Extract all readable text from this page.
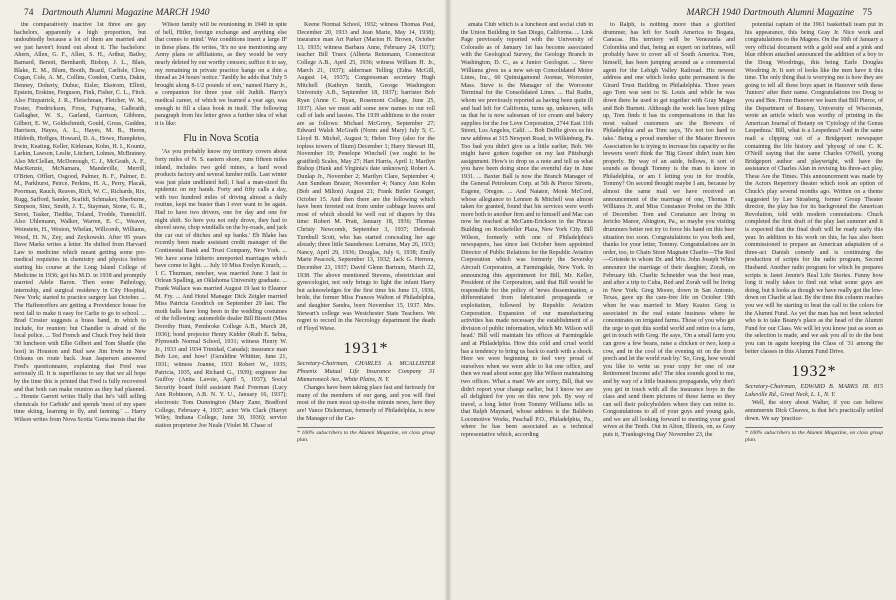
74 Dartmouth Alumni Magazine MARCH 1940

the comparatively inactive 1st three are gay bachelors, apparently a high proportion, but undoubtedly because a lot of them are married and we just haven't found out about it. The bachelors: Ahern, Allen, G. F., Allen, S. H., Arthur, Bailey, Barnard, Benoit, Bernhardt, Bishop, J. L., Blais, Blake, E. M., Blum, Booth, Brazil, Carlisle, Clow, Cogan, Cole, A. M., Collins, Condon, Curtis, Dakin, Denney, Doherty, Dubuc, Eisler, Ekstrom, Elliott, Epstein, Erskine, Ferguson, Fink, Fisher, C. L., Fitch. Also Fitzpatrick, J. R., Fleischman, Fletcher, W. M., Foster, Fredrickson, Frost, Fujiyama, Galbraith, Gallagher, W. S., Garland, Garrison, Gibbons, Gilbert, E. W., Goldschmidt, Gould, Gross, Gudden, Harrison, Hayes, A. L., Hayes, M. B., Heron, Hildreth, Hoffges, Howard, D. A., Howe, Humphries, Irwin, Keating, Keller, Kirkman, Kohn, H. I., Kountz, Larkin, Lawson, Leslie, Litchert, Lohnes, McBratney. Also McClellan, McDonough, C. J., McGrath, A. F., MacKenzie, McNamara, Mandeville, Merrill, O'Brien, Offlert, Osgood, Palmer, B. F., Palmer, E. M., Parkhurst, Peirce, Perkins, H. A., Perry, Placak, Poorman, Rauch, Reaves, Rich, W. C., Richards, Rix, Rugg, Safford, Sander, Scafidi, Schmaker, Sherburne, Simpson, Sinz, Smith, J. T., Stayman, Stone, G. R., Street, Tasker, Tiedtke, Toland, Trodde, Tunnicliff. Also Uhlemann, Walker, Warren, E. C., Weaver, Weinstein, H., Weston, Whelan, Willcomb, Williams, Wood, H. N., Zey, and Zeykowski. After 95 years Dave Marks writes a letter. He shifted from Harvard Law to medicine which meant getting some pre-medical requisites in chemistry and physics before starting his course at the Long Island College of Medicine in 1936; got his M.D. in 1938 and promptly married Adele Baron. Then some Pathology, internship, and surgical residency in City Hospital, New York; started to practice surgery last October. ... The Haffenreffers are getting a Providence house for next fall to make it easy for Carlie to go to school. ... Brad Crosier suggests a brass band, in which to include, for reunion: but Chandler is afraid of the local police. ... Ted French and Chuck Frey held their '30 luncheon with Ellie Gilbert and Tom Shattle (the host) in Houston and Bud saw Jim Irwin in New Orleans on route back. Jean Jaspersen answered Fred's questionnaire, explaining that Fred was seriously ill. It is superfluous to say that we all hope by the time this is printed that Fred is fully recovered and that both can make reunion as they had planned. ... Hennie Garrett writes Hally that he's 'still selling chemicals for Carbide' and spends 'most of my spare time skiing, learning to fly, and farming.' ... Harry Wilson writes from Nova Scotia 'Greta insists that the

Wilson family will be reunioning in 1940 in spite of hell, Hitler, foreign exchange and anything else that comes to mind.' War conditions insert a large IF in these plans. He writes, 'It's no use mentioning any Army plans or affiliations, as they would be very nearly deleted by our worthy censors; suffice it to say, my remaining in private practice hangs on a thin a thread as 24 hours' notice.' Tardily he adds that 'July 5 brought along 8-1/2 pounds of son,' named Harry Jr., a companion for three year old Judith. Harry's medical career, of which we learned a year ago, was enough to fill a class book in itself. The following paragraph from his letter gives a further idea of what it is like:

Flu in Nova Scotia

'As you probably know my territory covers about forty miles of N. S. eastern shore, runs fifteen miles inland, includes two gold mines, a hard wood products factory and several lumber mills. Last winter was just plain undiluted hell; I had a man-sized flu epidemic on my hands. Forty and fifty calls a day, with two hundred miles of driving almost a daily routine, kept me busier than I ever want to be again. Had to have two drivers, one for day and one for night shift. So here you not only drove, they had to shovel snow, chop windfalls on the by-roads, and jack the car out of ditches and up banks.' Eb Blake has recently been made assistant credit manager of the Continental Bank and Trust Company, New York. ... We have some hitherto unreported marriages which have come to light. ... July 10 Miss Evelyn Korach, ... 1 C. Thurman, rancher, was married June 3 last to Orlean Spalling, an Oklahoma University graduate. ... Frank Wallace was married August 19 last to Eleanor M. Fry. ... And Hotel Manager Dick Zeigler married Miss Patricia Goodrich on September 29 last. The moth balls have long been in the wedding costumes of the following: automobile dealer Bill Bissett (Miss Dorothy Hunt, Pembroke College A.B., March 28, 1936); bond projector Henry Kidder (Ruth E. Sebra, Plymouth Normal School, 1931; witness Henry W. Jr., 1933 and 1934 Trinidad, Canada); insurance man Bob Lee, and how! (Geraldine Whittier, June 21, 1931; witness Joanne, 1931 Robert W., 1935; Patricia, 1935, and Richard G., 1939); engineer Joe Guilfoy (Anita Lavoie, April 5, 1937); Social Security board field assistant Paul Freeman (Lucy Ann Robinson, A.B. N. Y. U., January 16, 1937); electronic Tom Dunnington (Mary Zane, Bradford College, February 4, 1937; actor Wis Clark (Harryt Wiley, Indiana College, June 30, 1936); service station proprietor Joe Neale (Violet M. Chase of

Keene Normal School, 1932; witness Thomas Paul, December 20, 1933 and Jean Marie, May 14, 1938); insurance man Art Parker (Marion H. Brown, October 13, 1935; witness Barbara Anne, February 24, 1937); teacher Bill Truex (Alberta Reinmann, Connecticut College A.B., April 25, 1936; witness William H. Jr., March 21, 1937); alderman Telling (Edna McGill, August 14, 1937); Congressman secretary Hugh Mitchell (Kathryn Smith, George Washington University A.B., September 18, 1937); barrister Bob Ryan (Anne C. Ryan, Rosemont College, June 25, 1937). Also we must add some new names to our roll call of lads and lassies. The 1939 additions to the roster are as follows: Michael McGrory, September 27; Edward Walsh McGrath (Norm and Mary) July 5; C. Lloyd B. Michel, August 5; Helen Troy (also for the topless towers of Ilium) December 1; Harry Stewart III, November 19; Penelope Winchell (we ought to be gratified) Scales, May 27; Hart Harris, April 1; Marilyn Bishop (Hank and Virginia's date unknown); Robert A. Dunlap Jr., November 2; Marilyn Clare, September 4; Ann Sundean Brazer, November 4; Nancy Ann Kohn (Bob and Milton) August 21; Frank Butler Granger, October 15. And then there are the following which have been ferreted out from under cabbage leaves and most of which should be well out of diapers by this time: Robert M. Pratt, January 18, 1936; Thomas Christy Newcomb, September 3, 1937; Deborah Turnbull Scott, who has started concealing her age already; three little Saunderses: Lorraine, May 26, 1933; Nancy, April 29, 1936; Douglas, July 6, 1938; Emily Marie Peacock, September 13, 1932; Jack G. Herrera, December 23, 1937; David Glenn Bartram, March 22, 1938. The above mentioned Stevens, obstetrician and gynecologist, not only brings to light the infant Harry but acknowledges for the first time his June 13, 1936, bride, the former Miss Frances Walton of Philadelphia, and daughter Sandra, born November 15, 1937. Mrs. Stewart's college was Westchester State Teachers. We regret to record in the Necrology department the death of Floyd Wiese.

1931*
Secretary-Chairman, CHARLES A. MCALLISTER Phoenix Mutual Life Insurance Company 31 Mamaroneck Ave., White Plains, N. Y.

Changes have been taking place fast and furiously for many of the members of our gang, and you will find most of the men most up-to-the minute news, here they are! Vance Dickerman, formerly of Philadelphia, is now the Manager of the Car-

* 100% subscribers to the Alumni Magazine, on class group plan.
MARCH 1940 Dartmouth Alumni Magazine 75

amata Club which is a luncheon and social club in the Union Building in San Diego, California. ... Link Page previously reported with the University of Colorado as of January 1st has become associated with the Geological Survey, the Geology Branch in Washington, D. C., as a Junior Geologist. ... Steve Williams gives us a new set-up Consolidated Motor Lines, Inc., 60 Quinsigamond Avenue, Worcester, Mass. Steve is the Manager of the Worcester Terminal for the Consolidated Lines. ... Hal Radin, whom we previously reported as having been quite ill and had left for California, turns up, unknown, tells us that he is now salesman of ice cream and bakery supplies for the Joe Love Corporation, 2744 East 11th Street, Los Angeles, Calif. ... Bob Duffie gives us his new address at 315 Newport Road, in Wilkinburg, Pa. Too bad you didn't give us a little earlier, Bob. We might have gotten together on my last Pittsburgh assignment. How's to drop us a note and tell us what you have been doing since the eventful day in June 1931. ... Baxter Ball is now the Branch Manager of the General Petroleum Corp. at 5th & Pierce Streets, Eugene, Oregon. ... And Natator, Monk McCord, whose allegiance to Lennen & Mitchell was almost taken for granted, found that his services were worth more both to another firm and to himself and Mac can now be reached at McCann-Erickson in the Pincus Building on Rockefeller Plaza, New York City. Bill Wilson, formerly with one of Philadelphia's newspapers, has since last October been appointed Director of Public Relations for the Republic Aviation Corporation which was formerly the Seversky Aircraft Corporation, at Farmingdale, New York. In announcing this appointment for Bill, Mr. Keller, President of the Corporation, said that Bill would be responsible for the policy of 'news dissemination, a differentiated from fabricated propaganda or exploitation, followed by Republic Aviation Corporation. Expansion of our manufacturing activities has made necessary the establishment of a division of public information, which Mr. Wilson will head.' Bill will maintain his offices at Farmingdale and at Philadelphia. How this cold and cruel world has a tendency to bring us back to earth with a shock. Here we were beginning to feel very proud of ourselves when we were able to list one office, and then we read about some guy like Wilson maintaining two offices. What a man! We are sorry, Bill, that we didn't report your change earlier, but I know we are all delighted for you on this new job. By way of travel, a long letter from Tommy Williams tells us that Ralph Maynard, whose address is the Baldwin Locomotive Works, Paschall P.O., Philadelphia, Pa., where he has been associated as a technical representative which, according

to Ralph, is nothing more than a glorified drummer, has left for South America to Bogata, Caracas. His territory will be Venezuela and Colombia and that, being an expert on turbines, will probably have to cover all of South America. Tom, himself, has been jumping around as a commercial agent for the Lehigh Valley Railroad. His newest address and one which looks quite permanent is the Girard Trust Building in Philadelphia. Three years ago Tom was sent to St. Louis and while he was down there he used to get together with Gray Magee and Bob Burnett. Although the work has been piling up, Tom finds it has its compensations in that his most valued customers are the Brewers of Philadelphia and as Tom says, 'It's not too hard to take.' Being a proud member of the Master Brewers Association he is trying to increase his capacity so the brewers won't think the 'Big Green' didn't train him properly. By way of an aside, fellows, it sort of sounds as though Tommy is the man to know in Philadelphia, or am I letting you in for trouble, Tommy? On second thought maybe I am, because by almost the same mail we have received an announcement of the marriage of one, Thomas F. Williams Jr. and Miss Constance Probst on the 30th of December. Tom and Constance are living in Jericho Manor, Abington, Pa., so maybe you visiting drummers better not try to force his hand on this beer situation too soon. Congratulations to you both and, thanks for your letter, Tommy. Congratulations are in order, too, to Chain Store Magnate Charlie—The Red—Gristede to whom Dr. and Mrs. John Joseph White announce the marriage of their daughter, Zorah, on February 6th. Charlie Schneider was the best man, and after a trip to Cuba, Red and Zorah will be living in New York. Greg Moore, down in San Antonio, Texas, gave up the care-free life on October 19th when he was married to Mary Keator. Greg is associated in the real estate business where he concentrates on irrigated farms. Those of you who get the urge to quit this sordid world and retire to a farm, get in touch with Greg. He says, 'On a small farm you can grow a few beans, raise a chicken or two, keep a cow, and in the cool of the evening sit on the front porch and let the world rush by.' So, Greg, how would you like to write us your copy for one of our Retirement Income ads? The idea sounds good to me, and by way of a little business propaganda, why don't you get in touch with all the insurance boys in the class and send them pictures of these farms so they can sell their policyholders where they can retire to. Congratulations to all of your guys and young gals, and we are all looking forward to meeting your good wives at the Tenth. Out in Alton, Illinois, on, as Gray puts it, 'Franksgiving Day' November 23, the

potential captain of the 1961 basketball team put in his appearance, this being Gray Jr. Nice work and congratulations to the Magees. On the 10th of January a very official document with a gold seal and a pink and blue ribbon attached announced the addition of a boy to the Doug Woodrings, this being Earle Douglas Woodring Jr. It sort of looks like the men have it this time. The only thing that is worrying me is how they are going to tell all these boys apart in Hanover with these 'Juniors' after their name. Congratulations too Doug to you and Bee. From Hanover we learn that Bill Pierce, of the Department of Botany, University of Wisconsin, wrote an article which was worthy of printing in the American Journal of Botany on 'Cytology of the Genus Lespedeza.' Bill, what is a Lespedeza? And in the same mail a clipping out of a Bridgeport newspaper containing the life history and 'physog' of one C. K. O'Neill saying that the same Charles O'Neill, young Bridgeport author and playwright, will have the assistance of Charles Alan in revising his three-act play, These Are the Times. This announcement was made by the Actors Repertory theater which took an option of Chuck's play several months ago. Written on a theme suggested by Lee Strasberg, former Group Theater director, the play has for its background the American Revolution, told with modern connotations. Chuck completed the first draft of the play last summer and it is expected that the final draft will be ready early this year. In addition to his work on this, he has also been commissioned to prepare an American adaptation of a three-act Danish comedy and is continuing the production of scripts for the radio program, Second Husband. Another radio program for which he prepares scripts is Janet Jennie's Real Life Stories. Funny how long it really takes to find out what some guys are doing, but it looks as though we have really got the low-down on Charlie at last. By the time this column reaches you we will be starting to beat the call to the colors for the Alumni Fund. As yet the man has not been selected who is to take Beany's place as the head of the Alumni Fund for our Class. We will let you know just as soon as the selection is made, and we ask you all to do the best you can in again keeping the Class of '31 among the better classes in this Alumni Fund Drive.

1932*
Secretary-Chairman, EDWARD B. MARKS JR. 815 Lakeville Rd., Great Neck, L. I., N. Y.

Well, the story about Walter, if you can believe annumernis Dick Cleaves, is that he's practically settled down. We say 'practice-

* 100% subscribers to the Alumni Magazine, on class group plan.
